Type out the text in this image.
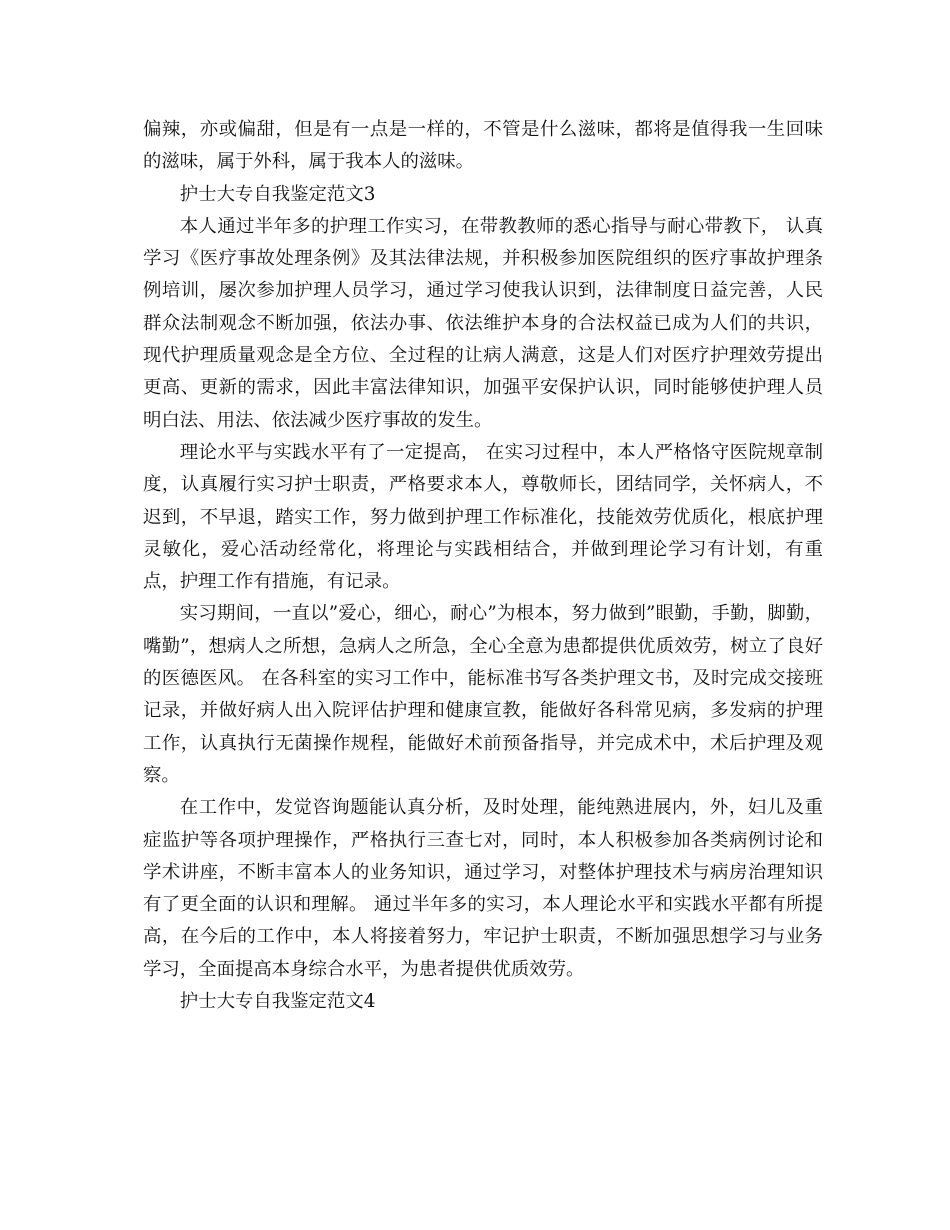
偏辣，亦或偏甜，但是有一点是一样的，不管是什么滋味，都将是值得我一生回味的滋味，属于外科，属于我本人的滋味。

护士大专自我鉴定范文3

本人通过半年多的护理工作实习，在带教教师的悉心指导与耐心带教下， 认真学习《医疗事故处理条例》及其法律法规，并积极参加医院组织的医疗事故护理条例培训，屡次参加护理人员学习，通过学习使我认识到，法律制度日益完善，人民群众法制观念不断加强，依法办事、依法维护本身的合法权益已成为人们的共识，现代护理质量观念是全方位、全过程的让病人满意，这是人们对医疗护理效劳提出更高、更新的需求，因此丰富法律知识，加强平安保护认识，同时能够使护理人员明白法、用法、依法减少医疗事故的发生。

理论水平与实践水平有了一定提高， 在实习过程中，本人严格恪守医院规章制度，认真履行实习护士职责，严格要求本人，尊敬师长，团结同学，关怀病人，不迟到，不早退，踏实工作，努力做到护理工作标准化，技能效劳优质化，根底护理灵敏化，爱心活动经常化，将理论与实践相结合，并做到理论学习有计划，有重点，护理工作有措施，有记录。

实习期间，一直以”爱心，细心，耐心”为根本，努力做到”眼勤，手勤，脚勤，嘴勤”，想病人之所想，急病人之所急，全心全意为患都提供优质效劳，树立了良好的医德医风。 在各科室的实习工作中，能标准书写各类护理文书，及时完成交接班记录，并做好病人出入院评估护理和健康宣教，能做好各科常见病，多发病的护理工作，认真执行无菌操作规程，能做好术前预备指导，并完成术中，术后护理及观察。

在工作中，发觉咨询题能认真分析，及时处理，能纯熟进展内，外，妇儿及重症监护等各项护理操作，严格执行三查七对，同时，本人积极参加各类病例讨论和学术讲座，不断丰富本人的业务知识，通过学习，对整体护理技术与病房治理知识有了更全面的认识和理解。 通过半年多的实习，本人理论水平和实践水平都有所提高，在今后的工作中，本人将接着努力，牢记护士职责，不断加强思想学习与业务学习，全面提高本身综合水平，为患者提供优质效劳。

护士大专自我鉴定范文4
